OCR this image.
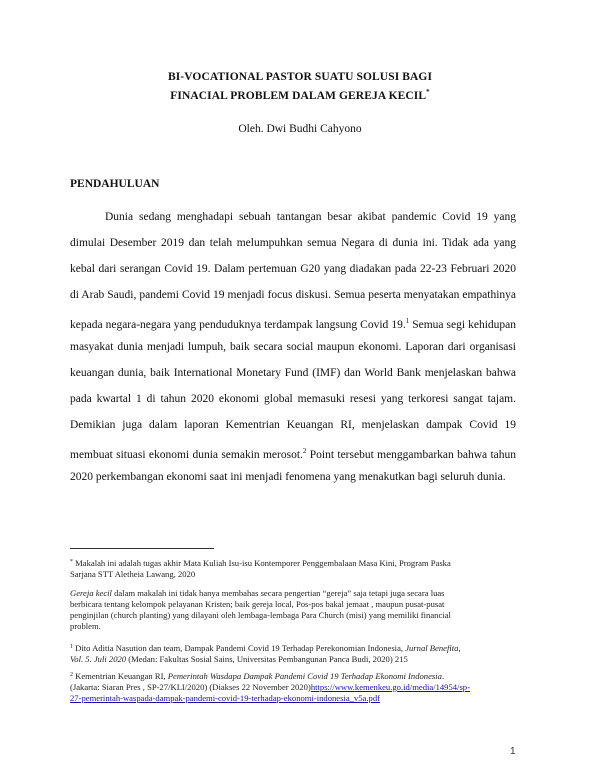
BI-VOCATIONAL PASTOR SUATU SOLUSI BAGI
FINACIAL PROBLEM DALAM GEREJA KECIL*
Oleh. Dwi Budhi Cahyono
PENDAHULUAN
Dunia sedang menghadapi sebuah tantangan besar akibat pandemic Covid 19 yang
dimulai Desember 2019 dan telah melumpuhkan semua Negara di dunia ini. Tidak ada yang
kebal dari serangan Covid 19. Dalam pertemuan G20 yang diadakan pada 22-23 Februari 2020
di Arab Saudi, pandemi Covid 19 menjadi focus diskusi. Semua peserta menyatakan empathinya
kepada negara-negara yang penduduknya terdampak langsung Covid 19.$^1$ Semua segi kehidupan
masyakat dunia menjadi lumpuh, baik secara social maupun ekonomi. Laporan dari organisasi
keuangan dunia, baik International Monetary Fund (IMF) dan World Bank menjelaskan bahwa
pada kwartal 1 di tahun 2020 ekonomi global memasuki resesi yang terkoresi sangat tajam.
Demikian juga dalam laporan Kementrian Keuangan RI, menjelaskan dampak Covid 19
membuat situasi ekonomi dunia semakin merosot.$^2$ Point tersebut menggambarkan bahwa tahun
2020 perkembangan ekonomi saat ini menjadi fenomena yang menakutkan bagi seluruh dunia.
* Makalah ini adalah tugas akhir Mata Kuliah Isu-isu Kontemporer Penggembalaan Masa Kini, Program Paska
Sarjana STT Aletheia Lawang, 2020
Gereja kecil dalam makalah ini tidak hanya membahas secara pengertian “gereja” saja tetapi juga secara luas
berbicara tentang kelompok pelayanan Kristen; baik gereja local, Pos-pos bakal jemaat , maupun pusat-pusat
penginjilan (church planting) yang dilayani oleh lembaga-lembaga Para Church (misi) yang memiliki financial
problem.
$^1$ Dito Aditia Nasution dan team, Dampak Pandemi Covid 19 Terhadap Perekonomian Indonesia, Jurnal Benefita,
Vol. 5. Juli 2020 (Medan: Fakultas Sosial Sains, Universitas Pembangunan Panca Budi, 2020) 215
$^2$ Kementrian Keuangan RI, Pemerintah Wasdapa Dampak Pandemi Covid 19 Terhadap Ekonomi Indonesia.
(Jakarta: Siaran Pres , SP-27/KLI/2020) (Diakses 22 November 2020)https://www.kemenkeu.go.id/media/14954/sp-
27-pemerintah-waspada-dampak-pandemi-covid-19-terhadap-ekonomi-indonesia_v5a.pdf
1
